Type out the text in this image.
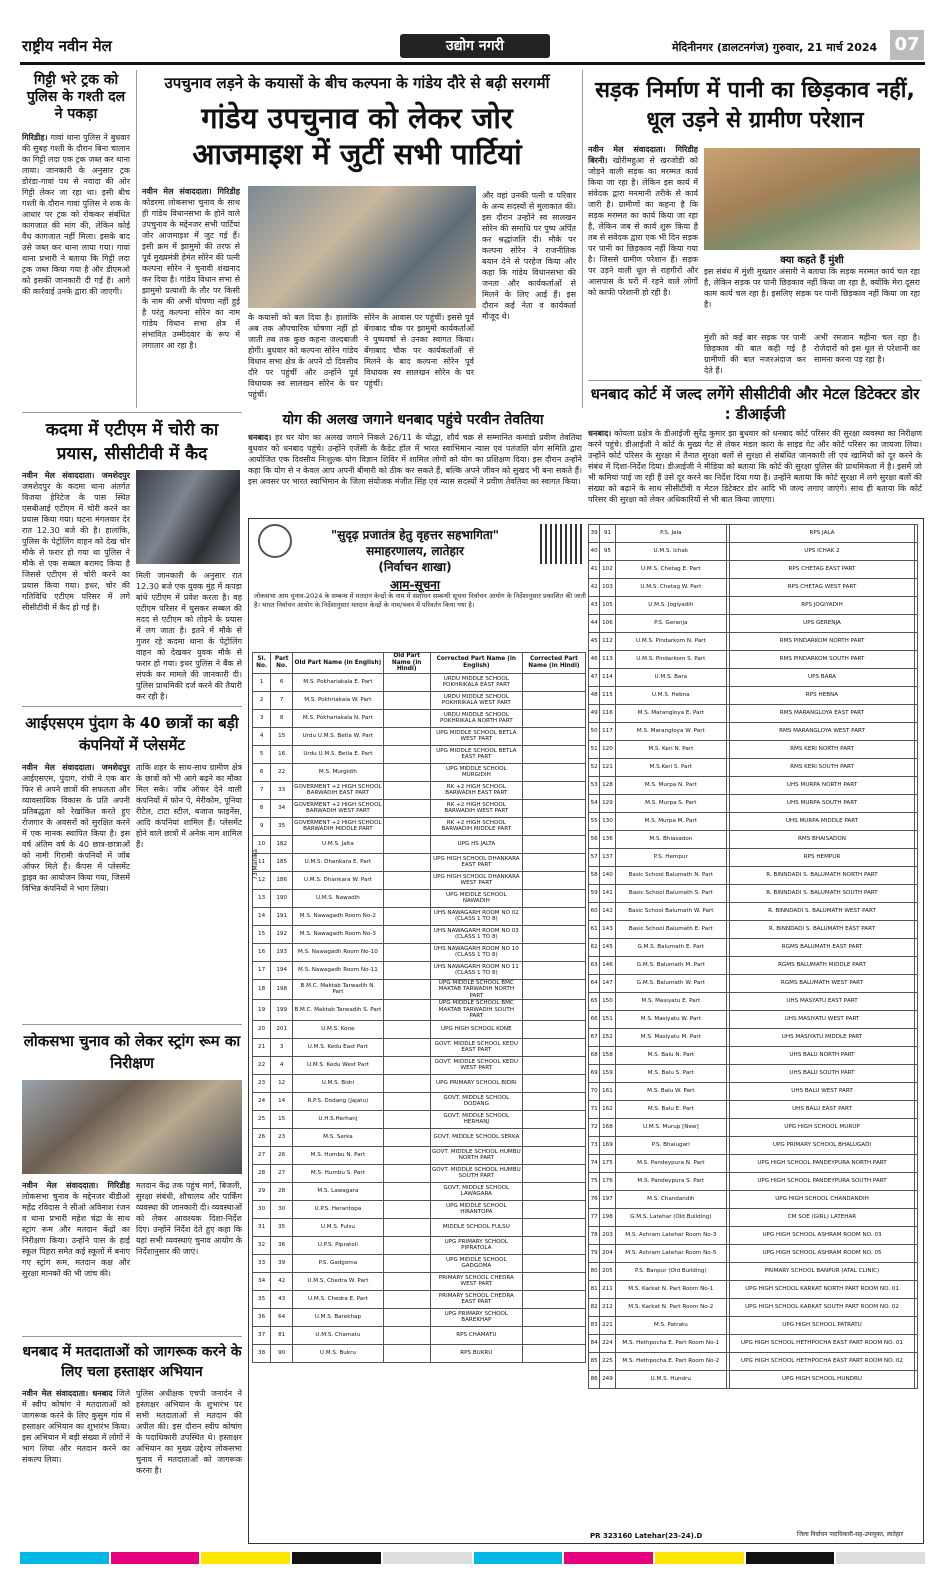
राष्ट्रीय नवीन मेल	उद्योग नगरी	मेदिनीनगर (डालटनगंज) गुरुवार, 21 मार्च 2024 07
गिट्टी भरे ट्रक को पुलिस के गश्ती दल ने पकड़ा
गिरिडीह। गावां थाना पुलिस ने बुधवार की सुबह गश्ती के दौरान बिना चालान का गिट्टी लदा एक ट्रक जब्त कर थाना लाया। जानकारी के अनुसार ट्रक डोरंडा-गावां पथ से नवादा की ओर गिट्टी लेकर जा रहा था। इसी बीच गश्ती के दौरान गावां पुलिस ने शक के आधार पर ट्रक को रोककर संबंधित कागजात की मांग की, लेकिन कोई वैध कागजात नहीं मिला। इसके बाद उसे जब्त कर थाना लाया गया। गावां थाना प्रभारी ने बताया कि गिट्टी लदा ट्रक जब्त किया गया है और डीएमओ को इसकी जानकारी दी गई है। आगे की कार्रवाई उनके द्वारा की जाएगी।
उपचुनाव लड़ने के कयासों के बीच कल्पना के गांडेय दौरे से बढ़ी सरगर्मी
गांडेय उपचुनाव को लेकर जोर आजमाइश में जुटीं सभी पार्टियां
नवीन मेल संवाददाता। गिरिडीह कोडरमा लोकसभा चुनाव के साथ ही गांडेय विधानसभा के होने वाले उपचुनाव के मद्देनजर सभी पार्टियां जोर आजमाइश में जुट गई हैं। इसी क्रम में झामुमो की तरफ से पूर्व मुख्यमंत्री हेमंत सोरेन की पत्नी कल्पना सोरेन ने चुनावी शंखनाद कर दिया है। गांडेय विधान सभा से झामुमो प्रत्याशी के तौर पर किसी के नाम की अभी घोषणा नहीं हुई है परंतु कल्पना सोरेन का नाम गांडेय विधान सभा क्षेत्र में संभावित उम्मीदवार के रूप में लगातार आ रहा है।
के कयासों को बल दिया है। हालांकि अब तक औपचारिक घोषणा नहीं हो जाती तब तक कुछ कहना जल्दबाजी होगी। बुधवार को कल्पना सोरेन गांडेय विधान सभा क्षेत्र के अपने दो दिवसीय दौरे पर पहुंचीं और उन्होंने पूर्व विधायक स्व सालखन सोरेन के घर पहुंचीं।
सोरेन के आवास पर पहुंचीं। इससे पूर्व बेंगाबाद चौक पर झामुमो कार्यकर्ताओं ने पुष्पवर्षा से उनका स्वागत किया। बेंगाबाद चौक पर कार्यकर्ताओं से मिलने के बाद कल्पना सोरेन पूर्व विधायक स्व सालखन सोरेन के घर पहुंचीं।
और वहां उनकी पत्नी व परिवार के अन्य सदस्यों से मुलाकात की। इस दौरान उन्होंने स्व सालखन सोरेन की समाधि पर पुष्प अर्पित कर श्रद्धांजलि दी। मौके पर कल्पना सोरेन ने राजनीतिक बयान देने से परहेज किया और कहा कि गांडेय विधानसभा की जनता और कार्यकर्ताओं से मिलने के लिए आई हैं। इस दौरान कई नेता व कार्यकर्ता मौजूद थे।
सड़क निर्माण में पानी का छिड़काव नहीं, धूल उड़ने से ग्रामीण परेशान
नवीन मेल संवाददाता। गिरिडीह बिरनी। खोरीमहुआ से खरजोडी को जोड़ने वाली सड़क का मरम्मत कार्य किया जा रहा है। लेकिन इस कार्य में संवेदक द्वारा मनमानी तरीके से कार्य जारी है। ग्रामीणों का कहना है कि सड़क मरम्मत का कार्य किया जा रहा है, लेकिन जब से कार्य शुरू किया है तब से संवेदक द्वारा एक भी दिन सड़क पर पानी का छिड़काव नहीं किया गया है। जिससे ग्रामीण परेशान हैं। सड़क पर उड़ने वाली धूल से राहगीरों और आसपास के घरों में रहने वाले लोगों को काफी परेशानी हो रही है।
क्या कहते हैं मुंशी
इस संबंध में मुंशी मुख्तार अंसारी ने बताया कि सड़क मरम्मत कार्य चल रहा है, लेकिन सड़क पर पानी छिड़काव नहीं किया जा रहा है, क्योंकि मेरा दूसरा काम कार्य चल रहा है। इसलिए सड़क पर पानी छिड़काव नहीं किया जा रहा है।
मुंशी को कई बार सड़क पर पानी छिड़काव की बात कही गई है ग्रामीणों की बात नजरअंदाज कर देते हैं।
अभी रमजान महीना चल रहा है। रोजेदारों को इस धूल से परेशानी का सामना करना पड़ रहा है।
योग की अलख जगाने धनबाद पहुंचे परवीन तेवतिया
धनबाद। हर घर योग का अलख जगाने निकले 26/11 के योद्धा, शौर्य चक्र से सम्मानित कमांडो प्रवीण तेवतिया बुधवार को धनबाद पहुंचे। उन्होंने एजेंसी के कैडेट हॉल में भारत स्वाभिमान न्यास एवं पतंजलि योग समिति द्वारा आयोजित एक दिवसीय निःशुल्क योग विज्ञान शिविर में शामिल लोगों को योग का प्रशिक्षण दिया। इस दौरान उन्होंने कहा कि योग से न केवल आप अपनी बीमारी को ठीक कर सकते हैं, बल्कि अपने जीवन को सुखद भी बना सकते हैं। इस अवसर पर भारत स्वाभिमान के जिला संयोजक मंजीत सिंह एवं न्यास सदस्यों ने प्रवीण तेवतिया का स्वागत किया।
धनबाद कोर्ट में जल्द लगेंगे सीसीटीवी और मेटल डिटेक्टर डोर : डीआईजी
धनबाद। कोयला प्रक्षेत्र के डीआईजी सुरेंद्र कुमार झा बुधवार को धनबाद कोर्ट परिसर की सुरक्षा व्यवस्था का निरीक्षण करने पहुंचे। डीआईजी ने कोर्ट के मुख्य गेट से लेकर मंडल कारा के साइड गेट और कोर्ट परिसर का जायजा लिया। उन्होंने कोर्ट परिसर के सुरक्षा में तैनात सुरक्षा बलों से सुरक्षा से संबंधित जानकारी ली एवं खामियों को दूर करने के संबंध में दिशा-निर्देश दिया। डीआईजी ने मीडिया को बताया कि कोर्ट की सुरक्षा पुलिस की प्राथमिकता में है। इसमें जो भी कमियां पाई जा रही हैं उसे दूर करने का निर्देश दिया गया है। उन्होंने बताया कि कोर्ट सुरक्षा में लगे सुरक्षा बलों की संख्या को बढ़ाने के साथ सीसीटीवी व मेटल डिटेक्टर डोर आदि भी जल्द लगाए जाएंगे। साथ ही बताया कि कोर्ट परिसर की सुरक्षा को लेकर अधिकारियों से भी बात किया जाएगा।
कदमा में एटीएम में चोरी का प्रयास, सीसीटीवी में कैद
नवीन मेल संवाददाता। जमशेदपुर जमशेदपुर के कदमा थाना अंतर्गत विजया हेरिटेज के पास स्थित एसबीआई एटीएम में चोरी करने का प्रयास किया गया। घटना मंगलवार देर रात 12.30 बजे की है। हालांकि, पुलिस के पेट्रोलिंग वाहन को देख चोर मौके से फरार हो गया था पुलिस ने मौके से एक सब्बल बरामद किया है जिससे एटीएम से चोरी करने का प्रयास किया गया। इधर, चोर की गतिविधि एटीएम परिसर में लगे सीसीटीवी में कैद हो गई है।
मिली जानकारी के अनुसार रात 12.30 बजे एक युवक मुंह में कपड़ा बांधे एटीएम में प्रवेश करता है। वह एटीएम परिसर में घुसकर सब्बल की मदद से एटीएम को तोड़ने के प्रयास में लग जाता है। इतने में मौके से गुजर रहे कदमा थाना के पेट्रोलिंग वाहन को देखकर युवक मौके से फरार हो गया। इधर पुलिस ने बैंक से संपर्क कर मामले की जानकारी दी। पुलिस प्राथमिकी दर्ज करने की तैयारी कर रही है।
आईएसएम पुंदाग के 40 छात्रों का बड़ी कंपनियों में प्लेसमेंट
नवीन मेल संवाददाता। जमशेदपुर आईएसएम, पुंदाग, रांची ने एक बार फिर से अपने छात्रों की सफलता और व्यावसायिक विकास के प्रति अपनी प्रतिबद्धता को रेखांकित करते हुए रोजगार के अवसरों को सुरक्षित करने में एक मानक स्थापित किया है। इस वर्ष अंतिम वर्ष के 40 छात्र-छात्राओं को नामी गिरामी कंपनियों में जॉब ऑफर मिले हैं। कैंपस में प्लेसमेंट ड्राइव का आयोजन किया गया, जिसमें विभिन्न कंपनियों ने भाग लिया।
ताकि शहर के साथ-साथ ग्रामीण क्षेत्र के छात्रों को भी आगे बढ़ने का मौका मिल सके। जॉब ऑफर देने वाली कंपनियों में फोन पे, मेरीकोम, पूनिया रीटेल, टाटा स्टील, बजाज फाइनेंस, आदि कंपनियां शामिल हैं। प्लेसमेंट होने वाले छात्रों में अनेक नाम शामिल हैं।
लोकसभा चुनाव को लेकर स्ट्रांग रूम का निरीक्षण
नवीन मेल संवाददाता। गिरिडीह लोकसभा चुनाव के मद्देनजर बीडीओ महेंद्र रविदास ने सीओ अविनाश रंजन व थाना प्रभारी महेश चंद्रा के साथ स्ट्रांग रूम और मतदान केंद्रों का निरीक्षण किया। उन्होंने पास के हाई स्कूल पिहरा समेत कई स्कूलों में बनाए गए स्ट्रांग रूम, मतदान कक्ष और सुरक्षा मानकों की भी जांच की।
मतदान केंद्र तक पहुंच मार्ग, बिजली, सुरक्षा संबंधी, शौचालय और पार्किंग व्यवस्था की जानकारी दी। व्यवस्थाओं को लेकर आवश्यक दिशा-निर्देश दिए। उन्होंने निर्देश देते हुए कहा कि यहां सभी व्यवस्थाएं चुनाव आयोग के निर्देशानुसार की जाएं।
धनबाद में मतदाताओं को जागरूक करने के लिए चला हस्ताक्षर अभियान
नवीन मेल संवाददाता। धनबाद जिले में स्वीप कोषांग ने मतदाताओं को जागरूक करने के लिए कुसुम गांव में हस्ताक्षर अभियान का शुभारंभ किया। इस अभियान में बड़ी संख्या में लोगों ने भाग लिया और मतदान करने का संकल्प लिया।
पुलिस अधीक्षक एचपी जनार्दन ने हस्ताक्षर अभियान के शुभारंभ पर सभी मतदाताओं से मतदान की अपील की। इस दौरान स्वीप कोषांग के पदाधिकारी उपस्थित थे। हस्ताक्षर अभियान का मुख्य उद्देश्य लोकसभा चुनाव में मतदाताओं को जागरूक करना है।
"सुदृढ़ प्रजातंत्र हेतु वृहत्तर सहभागिता"
समाहरणालय, लातेहार
(निर्वाचन शाखा)
आम-सूचना
लोकसभा आम चुनाव-2024 के सम्बन्ध में मतदान केन्द्रों के नाम में संशोधन सम्बन्धी सूचना निर्वाचन आयोग के निर्देशानुसार प्रकाशित की जाती है। भारत निर्वाचन आयोग के निर्देशानुसार मतदान केन्द्रों के नाम/भवन में परिवर्तन किया गया है।
Sl. No.	Part No.	Old Part Name (in English)	Old Part Name (in Hindi)	Corrected Part Name (in English)	Corrected Part Name (in Hindi)
1	6	M.S. Pokhariakala E. Part		URDU MIDDLE SCHOOL POKHRIKALA EAST PART	
2	7	M.S. Pokhriakala W. Part		URDU MIDDLE SCHOOL POKHRIKALA WEST PART	
3	8	M.S. Pokhariakala N. Part		URDU MIDDLE SCHOOL POKHRIKALA NORTH PART	
4	15	Urdu U.M.S. Betla W. Part		UPG MIDDLE SCHOOL BETLA WEST PART	
5	16	Urdu U.M.S. Betla E. Part		UPG MIDDLE SCHOOL BETLA EAST PART	
6	22	M.S. Murgidih		UPG MIDDLE SCHOOL MURGIDIH	
7	33	GOVERMENT +2 HIGH SCHOOL BARWADIH EAST PART		RK +2 HIGH SCHOOL BARWADIH EAST PART	
8	34	GOVERMENT +2 HIGH SCHOOL BARWADIH WEST PART		RK +2 HIGH SCHOOL BARWADIH WEST PART	
9	35	GOVERMENT +2 HIGH SCHOOL BARWADIH MIDDLE PART		RK +2 HIGH SCHOOL BARWADIH MIDDLE PART	
10	182	U.M.S. Jalta		UPG HS JALTA	
11	185	U.M.S. Dhankara E. Part		UPG HIGH SCHOOL DHANKARA EAST PART	
12	186	U.M.S. Dhankara W. Part		UPG HIGH SCHOOL DHANKARA WEST PART	
13	190	U.M.S. Nawadih		UPG MIDDLE SCHOOL NAWADIH	
14	191	M.S. Nawagadh Room No-2		UHS NAWAGARH ROOM NO 02 (CLASS 1 TO 8)	
15	192	M.S. Nawagadh Room No-3		UHS NAWAGARH ROOM NO 03 (CLASS 1 TO 8)	
16	193	M.S. Nawagadh Room No-10		UHS NAWAGARH ROOM NO 10 (CLASS 1 TO 8)	
17	194	M.S. Nawagadh Room No-11		UHS NAWAGARH ROOM NO 11 (CLASS 1 TO 8)	
18	198	B.M.C. Maktab Tarwadih N. Part		UPG MIDDLE SCHOOL BMC MAKTAB TARWADIH NORTH PART	
19	199	B.M.C. Maktab Tarwadih S. Part		UPG MIDDLE SCHOOL BMC MAKTAB TARWADIH SOUTH PART	
20	201	U.M.S. Kone		UPG HIGH SCHOOL KONE	
21	3	U.M.S. Kedu East Part		GOVT. MIDDLE SCHOOL KEDU EAST PART	
22	4	U.M.S. Kedu West Part		GOVT. MIDDLE SCHOOL KEDU WEST PART	
23	12	U.M.S. Bidri		UPG PRIMARY SCHOOL BIDRI	
24	14	R.P.S. Dodang (Jajatu)		GOVT. MIDDLE SCHOOL DODANG	
25	15	U.H.S.Herhanj		GOVT. MIDDLE SCHOOL HERHANJ	
26	23	M.S. Serka		GOVT. MIDDLE SCHOOL SERKA	
27	26	M.S. Humbu N. Part		GOVT. MIDDLE SCHOOL HUMBU NORTH PART	
28	27	M.S. Humbu S. Part		GOVT. MIDDLE SCHOOL HUMBU SOUTH PART	
29	28	M.S. Lawagara		GOVT. MIDDLE SCHOOL LAWAGARA	
30	30	U.P.S. Herantopa		UPG MIDDLE SCHOOL HIRANTOPA	
31	35	U.M.S. Fulsu		MIDDLE SCHOOL FULSU	
32	36	U.P.S. Pipratoli		UPG PRIMARY SCHOOL PIPRATOLA	
33	39	P.S. Gadgoma		UPG MIDDLE SCHOOL GADGOMA	
34	42	U.M.S. Chedra W. Part		PRIMARY SCHOOL CHEDRA WEST PART	
35	43	U.M.S. Chedra E. Part		PRIMARY SCHOOL CHEDRA EAST PART	
36	64	U.M.S. Barekhap		UPG PRIMARY SCHOOL BAREKHAP	
37	81	U.M.S. Chamatu		RPS CHAMATU	
38	90	U.M.S. Bukru		RPS BUKRU	
39	91	P.S. Jala		RPS JALA	
40	95	U.M.S. Ichak		UPS ICHAK 2	
41	102	U.M.S. Chetag E. Part		RPS CHETAG EAST PART	
42	103	U.M.S. Chetag W. Part		RPS CHETAG WEST PART	
43	105	U.M.S. Jogiyadih		RPS JOGIYADIH	
44	106	P.S. Geranja		UPS GERENJA	
45	112	U.M.S. Pindarkom N. Part		RMS PINDARKOM NORTH PART	
46	113	U.M.S. Pindarkom S. Part		RMS PINDARKOM SOUTH PART	
47	114	U.M.S. Bara		UPS BARA	
48	115	U.M.S. Hebna		RPS HEBNA	
49	116	M.S. Marangloya E. Part		RMS MARANGLOYA EAST PART	
50	117	M.S. Marangloya W. Part		RMS MARANGLOYA WEST PART	
51	120	M.S. Keri N. Part		RMS KERI NORTH PART	
52	121	M.S.Keri S. Part		RMS KERI SOUTH PART	
53	128	M.S. Murpa N. Part		UHS MURPA NORTH PART	
54	129	M.S. Murpa S. Part		UHS MURPA SOUTH PART	
55	130	M.S. Murpa M. Part		UHS MURPA MIDDLE PART	
56	136	M.S. Bhiasadon		RMS BHAISADON	
57	137	P.S. Hempur		RPS HEMPUR	
58	140	Basic School Balumath N. Part		R. BINNDADI S. BALUMATH NORTH PART	
59	141	Basic School Balumath S. Part		R. BINNDADI S. BALUMATH SOUTH PART	
60	142	Basic School Balumath W. Part		R. BINNDADI S. BALUMATH WEST PART	
61	143	Basic School Balumath E. Part		R. BINNDADI S. BALUMATH EAST PART	
62	145	G.M.S. Balumath E. Part		RGMS BALUMATH EAST PART	
63	146	G.M.S. Balumath M. Part		RGMS BALUMATH MIDDLE PART	
64	147	G.M.S. Balumath W. Part		RGMS BALUMATH WEST PART	
65	150	M.S. Masiyatu E. Part		UHS MASYATU EAST PART	
66	151	M.S. Masiyatu W. Part		UHS MASIYATU WEST PART	
67	152	M.S. Masiyatu M. Part		UHS MASIYATU MIDDLE PART	
68	158	M.S. Balu N. Part		UHS BALU NORTH PART	
69	159	M.S. Balu S. Part		UHS BALU SOUTH PART	
70	161	M.S. Balu W. Part		UHS BALU WEST PART	
71	162	M.S. Balu E. Part		UHS BALU EAST PART	
72	168	U.M.S. Murup [New]		UPG HIGH SCHOOL MURUP	
73	169	P.S. Bhalugari		UPG PRIMARY SCHOOL BHALUGADI	
74	175	M.S. Pandeypura N. Part		UPG HIGH SCHOOL PANDEYPURA NORTH PART	
75	176	M.S. Pandeypura S. Part		UPG HIGH SCHOOL PANDEYPURA SOUTH PART	
76	197	M.S. Chandandih		UPG HIGH SCHOOL CHANDANDIH	
77	198	G.M.S. Latehar (Old Building)		CM SOE (GIRL) LATEHAR	
78	203	M.S. Ashram Latehar Room No-3		UPG HIGH SCHOOL ASHRAM ROOM NO. 03	
79	204	M.S. Ashram Latehar Room No-5		UPG HIGH SCHOOL ASHRAM ROOM NO. 05	
80	205	P.S. Banpur (Old Building)		PRIMARY SCHOOL BANPUR (ATAL CLINIC)	
81	211	M.S. Karkat N. Part Room No-1		UPG HIGH SCHOOL KARKAT NORTH PART ROOM NO. 01	
82	212	M.S. Karkat N. Part Room No-2		UPG HIGH SCHOOL KARKAT SOUTH PART ROOM NO. 02	
83	221	M.S. Patratu		UPG HIGH SCHOOL PATRATU	
84	224	M.S. Hethpocha E. Part Room No-1		UPG HIGH SCHOOL HETHPOCHA EAST PART ROOM NO. 01	
85	225	M.S. Hethpocha E. Part Room No-2		UPG HIGH SCHOOL HETHPOCHA EAST PART ROOM NO. 02	
86	249	U.M.S. Hundru		UPG HIGH SCHOOL HUNDRU	
73 Manika
जिला निर्वाचन पदाधिकारी-सह-उपायुक्त, लातेहार
PR 323160 Latehar(23-24).D
